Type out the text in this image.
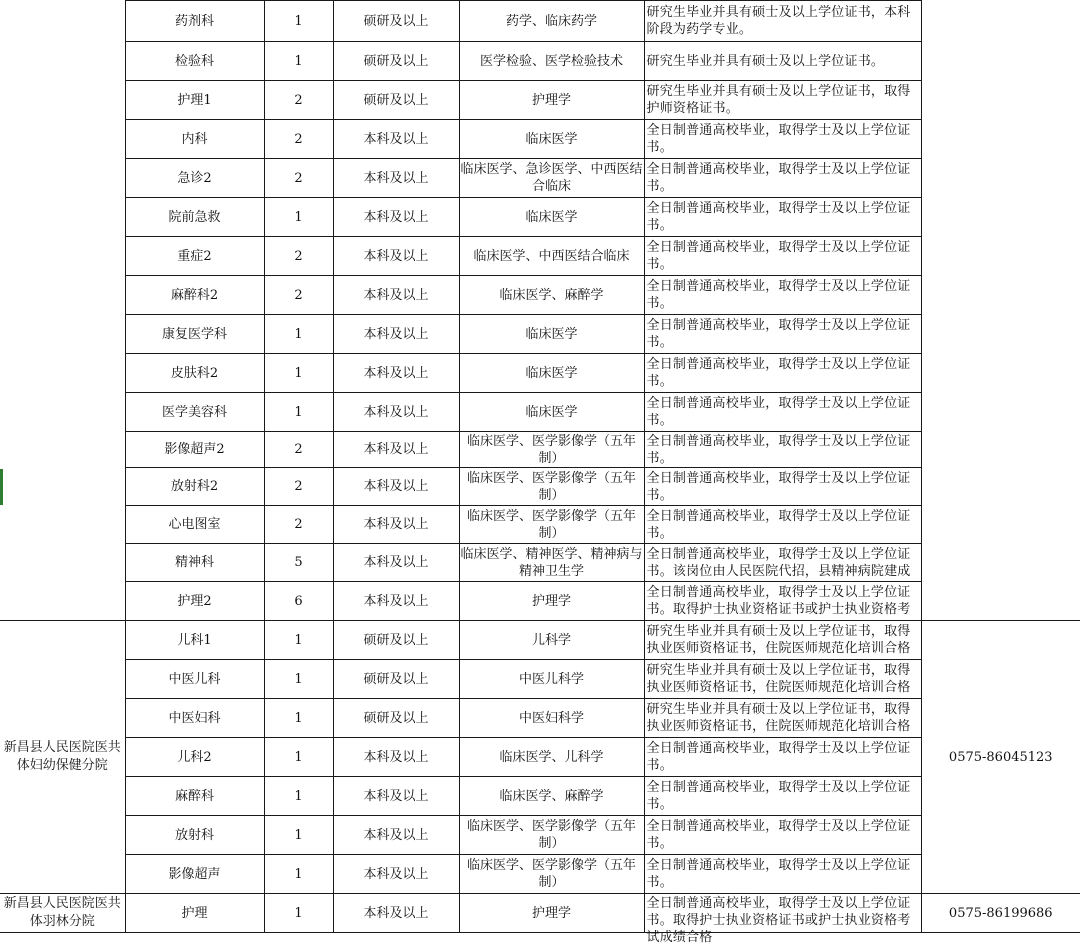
	药剂科	1	硕研及以上	药学、临床药学	研究生毕业并具有硕士及以上学位证书，本科阶段为药学专业。	

	检验科	1	硕研及以上	医学检验、医学检验技术	研究生毕业并具有硕士及以上学位证书。	

	护理1	2	硕研及以上	护理学	研究生毕业并具有硕士及以上学位证书，取得护师资格证书。	

	内科	2	本科及以上	临床医学	全日制普通高校毕业，取得学士及以上学位证书。	

	急诊2	2	本科及以上	临床医学、急诊医学、中西医结合临床	全日制普通高校毕业，取得学士及以上学位证书。	

	院前急救	1	本科及以上	临床医学	全日制普通高校毕业，取得学士及以上学位证书。	

	重症2	2	本科及以上	临床医学、中西医结合临床	全日制普通高校毕业，取得学士及以上学位证书。	

	麻醉科2	2	本科及以上	临床医学、麻醉学	全日制普通高校毕业，取得学士及以上学位证书。	

	康复医学科	1	本科及以上	临床医学	全日制普通高校毕业，取得学士及以上学位证书。	

	皮肤科2	1	本科及以上	临床医学	全日制普通高校毕业，取得学士及以上学位证书。	

	医学美容科	1	本科及以上	临床医学	全日制普通高校毕业，取得学士及以上学位证书。	

	影像超声2	2	本科及以上	临床医学、医学影像学（五年制）	全日制普通高校毕业，取得学士及以上学位证书。	

	放射科2	2	本科及以上	临床医学、医学影像学（五年制）	全日制普通高校毕业，取得学士及以上学位证书。	

	心电图室	2	本科及以上	临床医学、医学影像学（五年制）	全日制普通高校毕业，取得学士及以上学位证书。	

	精神科	5	本科及以上	临床医学、精神医学、精神病与精神卫生学	全日制普通高校毕业，取得学士及以上学位证书。该岗位由人民医院代招，县精神病院建成	

	护理2	6	本科及以上	护理学	全日制普通高校毕业，取得学士及以上学位证书。取得护士执业资格证书或护士执业资格考	

新昌县人民医院医共体妇幼保健分院	儿科1	1	硕研及以上	儿科学	研究生毕业并具有硕士及以上学位证书，取得执业医师资格证书，住院医师规范化培训合格	0575-86045123

	中医儿科	1	硕研及以上	中医儿科学	研究生毕业并具有硕士及以上学位证书，取得执业医师资格证书，住院医师规范化培训合格	

	中医妇科	1	硕研及以上	中医妇科学	研究生毕业并具有硕士及以上学位证书，取得执业医师资格证书，住院医师规范化培训合格	

	儿科2	1	本科及以上	临床医学、儿科学	全日制普通高校毕业，取得学士及以上学位证书。	

	麻醉科	1	本科及以上	临床医学、麻醉学	全日制普通高校毕业，取得学士及以上学位证书。	

	放射科	1	本科及以上	临床医学、医学影像学（五年制）	全日制普通高校毕业，取得学士及以上学位证书。	

	影像超声	1	本科及以上	临床医学、医学影像学（五年制）	全日制普通高校毕业，取得学士及以上学位证书。	

新昌县人民医院医共体羽林分院	护理	1	本科及以上	护理学	全日制普通高校毕业，取得学士及以上学位证书。取得护士执业资格证书或护士执业资格考试成绩合格	0575-86199686
